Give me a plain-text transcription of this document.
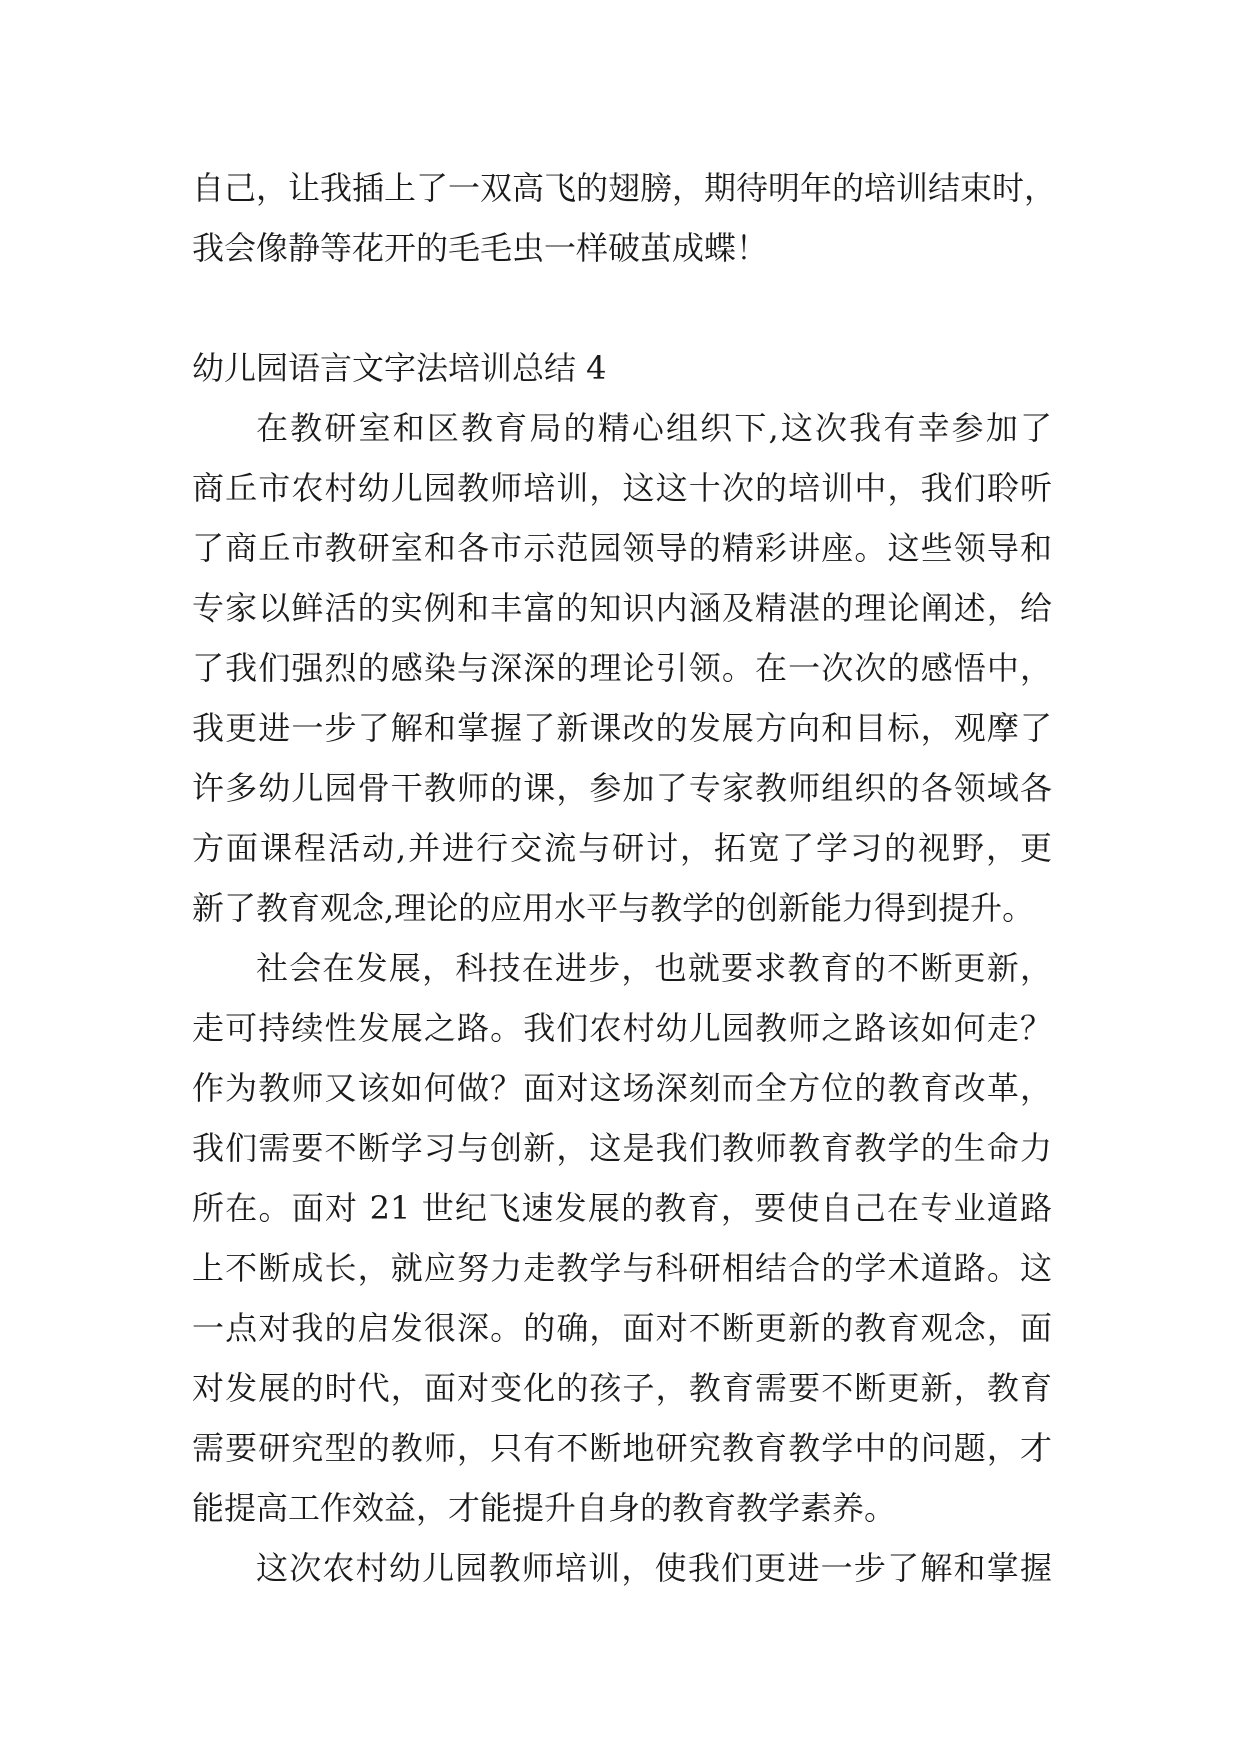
自己，让我插上了一双高飞的翅膀，期待明年的培训结束时，
我会像静等花开的毛毛虫一样破茧成蝶！
幼儿园语言文字法培训总结 4
在教研室和区教育局的精心组织下,这次我有幸参加了
商丘市农村幼儿园教师培训，这这十次的培训中，我们聆听
了商丘市教研室和各市示范园领导的精彩讲座。这些领导和
专家以鲜活的实例和丰富的知识内涵及精湛的理论阐述，给
了我们强烈的感染与深深的理论引领。在一次次的感悟中，
我更进一步了解和掌握了新课改的发展方向和目标，观摩了
许多幼儿园骨干教师的课，参加了专家教师组织的各领域各
方面课程活动,并进行交流与研讨，拓宽了学习的视野，更
新了教育观念,理论的应用水平与教学的创新能力得到提升。
社会在发展，科技在进步，也就要求教育的不断更新，
走可持续性发展之路。我们农村幼儿园教师之路该如何走？
作为教师又该如何做？面对这场深刻而全方位的教育改革，
我们需要不断学习与创新，这是我们教师教育教学的生命力
所在。面对 21 世纪飞速发展的教育，要使自己在专业道路
上不断成长，就应努力走教学与科研相结合的学术道路。这
一点对我的启发很深。的确，面对不断更新的教育观念，面
对发展的时代，面对变化的孩子，教育需要不断更新，教育
需要研究型的教师，只有不断地研究教育教学中的问题，才
能提高工作效益，才能提升自身的教育教学素养。
这次农村幼儿园教师培训，使我们更进一步了解和掌握
